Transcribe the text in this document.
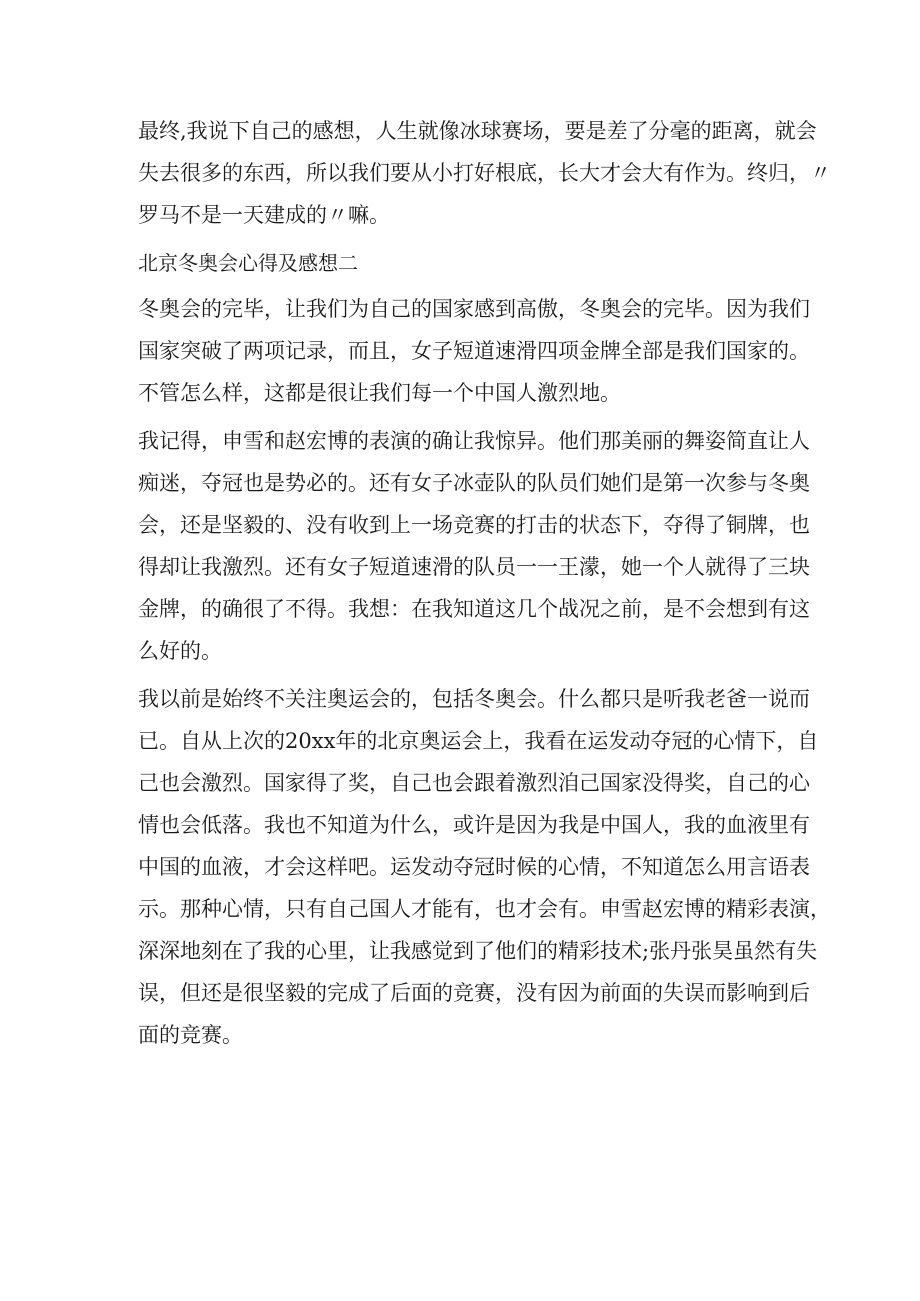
最终,我说下自己的感想，人生就像冰球赛场，要是差了分毫的距离，就会
失去很多的东西，所以我们要从小打好根底，长大才会大有作为。终归，〃
罗马不是一天建成的〃嘛。
北京冬奥会心得及感想二
冬奥会的完毕，让我们为自己的国家感到高傲，冬奥会的完毕。因为我们
国家突破了两项记录，而且，女子短道速滑四项金牌全部是我们国家的。
不管怎么样，这都是很让我们每一个中国人激烈地。
我记得，申雪和赵宏博的表演的确让我惊异。他们那美丽的舞姿简直让人
痴迷，夺冠也是势必的。还有女子冰壶队的队员们她们是第一次参与冬奥
会，还是坚毅的、没有收到上一场竞赛的打击的状态下，夺得了铜牌，也
得却让我激烈。还有女子短道速滑的队员一一王濛，她一个人就得了三块
金牌，的确很了不得。我想：在我知道这几个战况之前，是不会想到有这
么好的。
我以前是始终不关注奥运会的，包括冬奥会。什么都只是听我老爸一说而
已。自从上次的20xx年的北京奥运会上，我看在运发动夺冠的心情下，自
己也会激烈。国家得了奖，自己也会跟着激烈洎己国家没得奖，自己的心
情也会低落。我也不知道为什么，或许是因为我是中国人，我的血液里有
中国的血液，才会这样吧。运发动夺冠时候的心情，不知道怎么用言语表
示。那种心情，只有自己国人才能有，也才会有。申雪赵宏博的精彩表演，
深深地刻在了我的心里，让我感觉到了他们的精彩技术;张丹张昊虽然有失
误，但还是很坚毅的完成了后面的竞赛，没有因为前面的失误而影响到后
面的竞赛。
